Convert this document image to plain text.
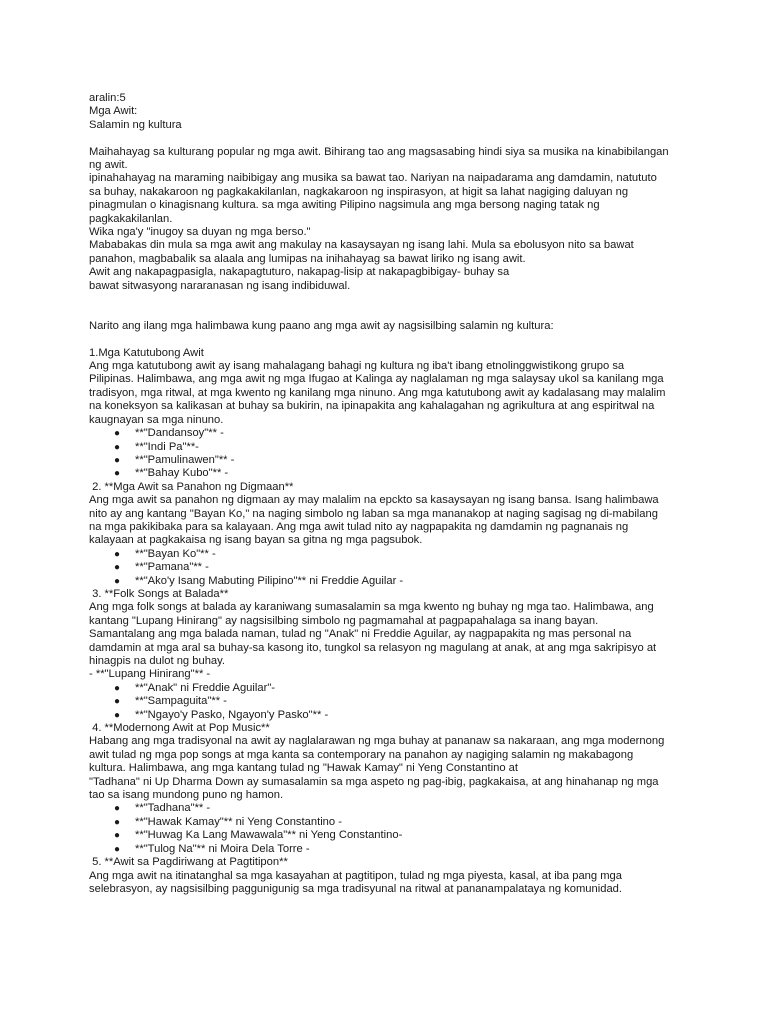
aralin:5

Mga Awit:

Salamin ng kultura

Maihahayag sa kulturang popular ng mga awit. Bihirang tao ang magsasabing hindi siya sa musika na kinabibilangan

ng awit.

ipinahahayag na maraming naibibigay ang musika sa bawat tao. Nariyan na naipadarama ang damdamin, natututo

sa buhay, nakakaroon ng pagkakakilanlan, nagkakaroon ng inspirasyon, at higit sa lahat nagiging daluyan ng

pinagmulan o kinagisnang kultura. sa mga awiting Pilipino nagsimula ang mga bersong naging tatak ng

pagkakakilanlan.

Wika nga'y "inugoy sa duyan ng mga berso."

Mababakas din mula sa mga awit ang makulay na kasaysayan ng isang lahi. Mula sa ebolusyon nito sa bawat

panahon, magbabalik sa alaala ang lumipas na inihahayag sa bawat liriko ng isang awit.

Awit ang nakapagpasigla, nakapagtuturo, nakapag-lisip at nakapagbibigay- buhay sa

bawat sitwasyong nararanasan ng isang indibiduwal.

Narito ang ilang mga halimbawa kung paano ang mga awit ay nagsisilbing salamin ng kultura:

1.Mga Katutubong Awit

Ang mga katutubong awit ay isang mahalagang bahagi ng kultura ng iba't ibang etnolinggwistikong grupo sa

Pilipinas. Halimbawa, ang mga awit ng mga Ifugao at Kalinga ay naglalaman ng mga salaysay ukol sa kanilang mga

tradisyon, mga ritwal, at mga kwento ng kanilang mga ninuno. Ang mga katutubong awit ay kadalasang may malalim

na koneksyon sa kalikasan at buhay sa bukirin, na ipinapakita ang kahalagahan ng agrikultura at ang espiritwal na

kaugnayan sa mga ninuno.

● **"Dandansoy"** -
● **"Indi Pa"**-
● **"Pamulinawen"** -
● **"Bahay Kubo"** -

2. **Mga Awit sa Panahon ng Digmaan**

Ang mga awit sa panahon ng digmaan ay may malalim na epckto sa kasaysayan ng isang bansa. Isang halimbawa

nito ay ang kantang "Bayan Ko," na naging simbolo ng laban sa mga mananakop at naging sagisag ng di-mabilang

na mga pakikibaka para sa kalayaan. Ang mga awit tulad nito ay nagpapakita ng damdamin ng pagnanais ng

kalayaan at pagkakaisa ng isang bayan sa gitna ng mga pagsubok.

● **"Bayan Ko"** -
● **"Pamana"** -
● **"Ako'y Isang Mabuting Pilipino"** ni Freddie Aguilar -

3. **Folk Songs at Balada**

Ang mga folk songs at balada ay karaniwang sumasalamin sa mga kwento ng buhay ng mga tao. Halimbawa, ang

kantang "Lupang Hinirang" ay nagsisilbing simbolo ng pagmamahal at pagpapahalaga sa inang bayan.

Samantalang ang mga balada naman, tulad ng "Anak" ni Freddie Aguilar, ay nagpapakita ng mas personal na

damdamin at mga aral sa buhay-sa kasong ito, tungkol sa relasyon ng magulang at anak, at ang mga sakripisyo at

hinagpis na dulot ng buhay.

- **"Lupang Hinirang"** -

● **"Anak" ni Freddie Aguilar"-
● **"Sampaguita"** -
● **"Ngayo'y Pasko, Ngayon'y Pasko"** -

4. **Modernong Awit at Pop Music**

Habang ang mga tradisyonal na awit ay naglalarawan ng mga buhay at pananaw sa nakaraan, ang mga modernong

awit tulad ng mga pop songs at mga kanta sa contemporary na panahon ay nagiging salamin ng makabagong

kultura. Halimbawa, ang mga kantang tulad ng "Hawak Kamay" ni Yeng Constantino at

"Tadhana" ni Up Dharma Down ay sumasalamin sa mga aspeto ng pag-ibig, pagkakaisa, at ang hinahanap ng mga

tao sa isang mundong puno ng hamon.

● **"Tadhana"** -
● **"Hawak Kamay"** ni Yeng Constantino -
● **"Huwag Ka Lang Mawawala"** ni Yeng Constantino-
● **"Tulog Na"** ni Moira Dela Torre -

5. **Awit sa Pagdiriwang at Pagtitipon**

Ang mga awit na itinatanghal sa mga kasayahan at pagtitipon, tulad ng mga piyesta, kasal, at iba pang mga

selebrasyon, ay nagsisilbing paggunigunig sa mga tradisyunal na ritwal at pananampalataya ng komunidad.
